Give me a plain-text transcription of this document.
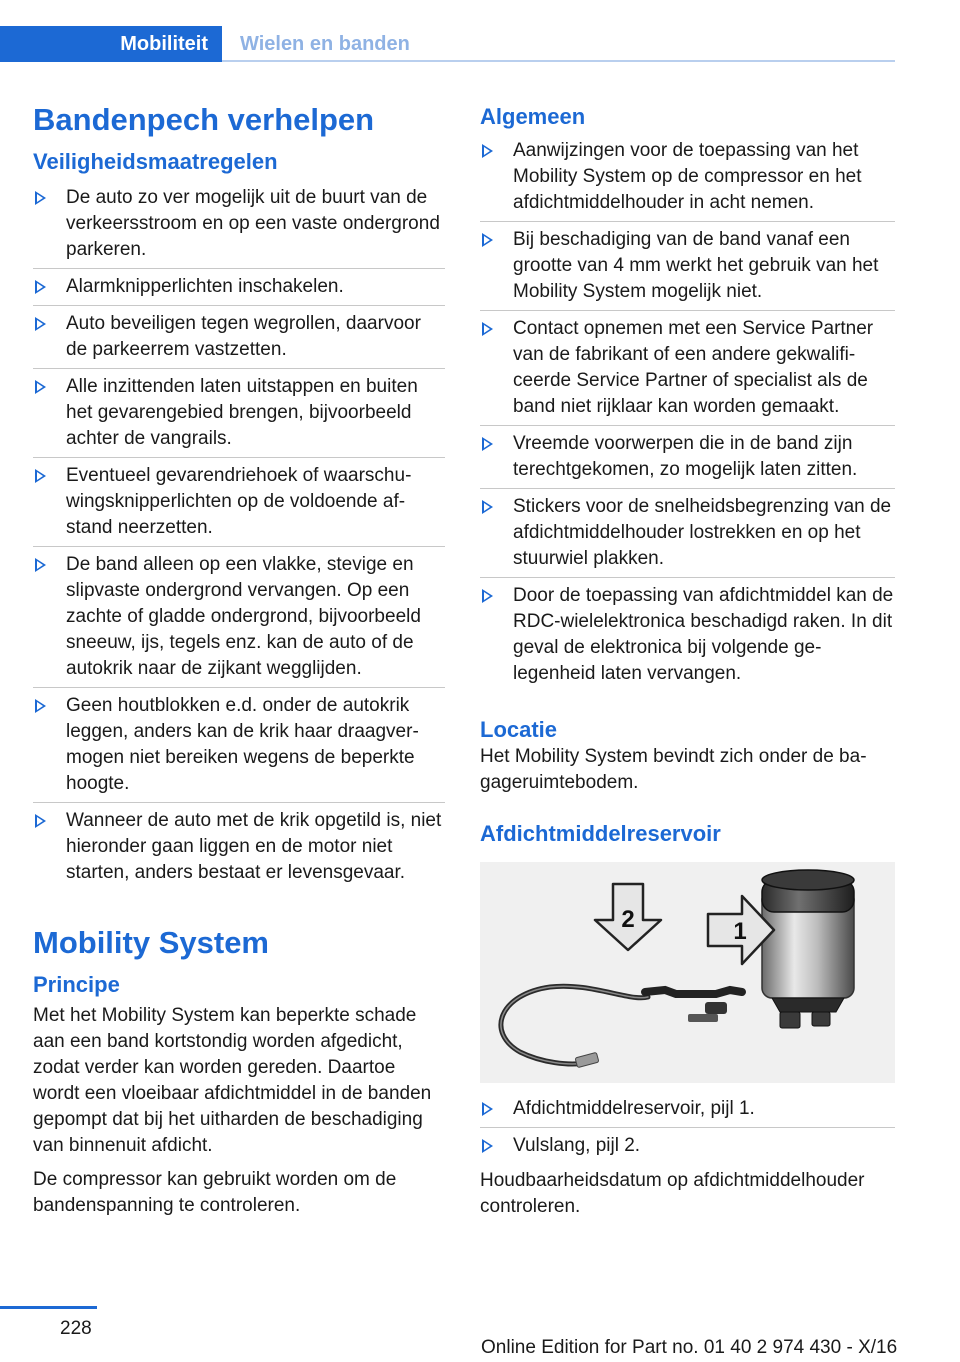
Mobiliteit	Wielen en banden
Bandenpech verhelpen
Veiligheidsmaatregelen
De auto zo ver mogelijk uit de buurt van de verkeersstroom en op een vaste ondergrond parkeren.
Alarmknipperlichten inschakelen.
Auto beveiligen tegen wegrollen, daarvoor de parkeerrem vastzetten.
Alle inzittenden laten uitstappen en buiten het gevarengebied brengen, bijvoorbeeld achter de vangrails.
Eventueel gevarendriehoek of waarschuwingsknipperlichten op de voldoende afstand neerzetten.
De band alleen op een vlakke, stevige en slipvaste ondergrond vervangen. Op een zachte of gladde ondergrond, bijvoorbeeld sneeuw, ijs, tegels enz. kan de auto of de autokrik naar de zijkant wegglijden.
Geen houtblokken e.d. onder de autokrik leggen, anders kan de krik haar draagvermogen niet bereiken wegens de beperkte hoogte.
Wanneer de auto met de krik opgetild is, niet hieronder gaan liggen en de motor niet starten, anders bestaat er levensgevaar.
Mobility System
Principe

Met het Mobility System kan beperkte schade aan een band kortstondig worden afgedicht, zodat verder kan worden gereden. Daartoe wordt een vloeibaar afdichtmiddel in de banden gepompt dat bij het uitharden de beschadiging van binnenuit afdicht.

De compressor kan gebruikt worden om de bandenspanning te controleren.

Algemeen
Aanwijzingen voor de toepassing van het Mobility System op de compressor en het afdichtmiddelhouder in acht nemen.
Bij beschadiging van de band vanaf een grootte van 4 mm werkt het gebruik van het Mobility System mogelijk niet.
Contact opnemen met een Service Partner van de fabrikant of een andere gekwalificeerde Service Partner of specialist als de band niet rijklaar kan worden gemaakt.
Vreemde voorwerpen die in de band zijn terechtgekomen, zo mogelijk laten zitten.
Stickers voor de snelheidsbegrenzing van de afdichtmiddelhouder lostrekken en op het stuurwiel plakken.
Door de toepassing van afdichtmiddel kan de RDC-wielelektronica beschadigd raken. In dit geval de elektronica bij volgende gelegenheid laten vervangen.
Locatie

Het Mobility System bevindt zich onder de bagageruimtebodem.

Afdichtmiddelreservoir
2	1
Afdichtmiddelreservoir, pijl 1.
Vulslang, pijl 2.

Houdbaarheidsdatum op afdichtmiddelhouder controleren.

228
Online Edition for Part no. 01 40 2 974 430 - X/16
